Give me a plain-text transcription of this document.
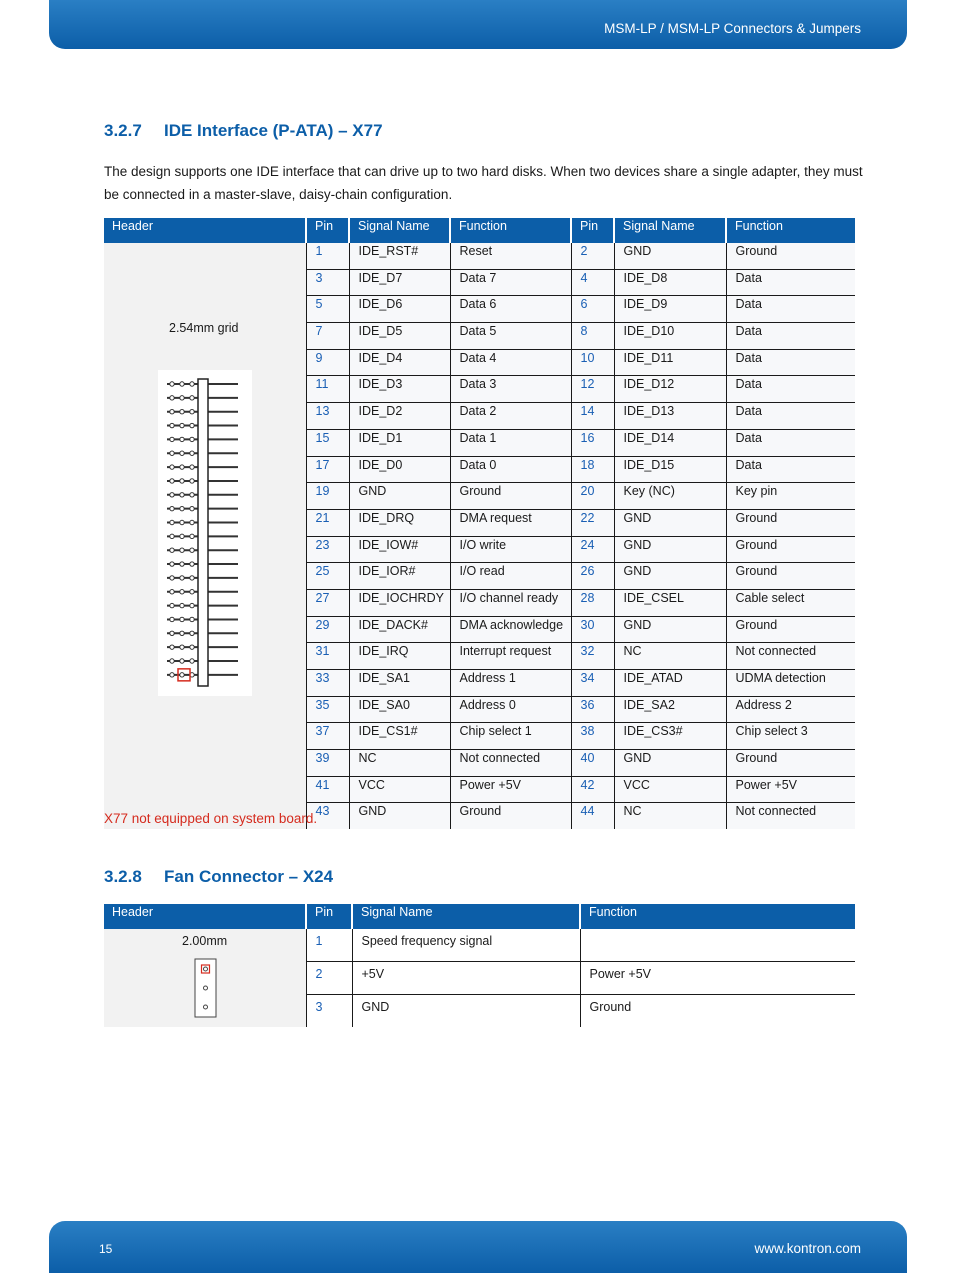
MSM-LP / MSM-LP Connectors & Jumpers
3.2.7 IDE Interface (P-ATA) – X77

The design supports one IDE interface that can drive up to two hard disks. When two devices share a single adapter, they must be connected in a master-slave, daisy-chain configuration.

Header	Pin	Signal Name	Function	Pin	Signal Name	Function

2.54mm grid	1	IDE_RST#	Reset	2	GND	Ground
	3	IDE_D7	Data 7	4	IDE_D8	Data
	5	IDE_D6	Data 6	6	IDE_D9	Data
	7	IDE_D5	Data 5	8	IDE_D10	Data
	9	IDE_D4	Data 4	10	IDE_D11	Data
	11	IDE_D3	Data 3	12	IDE_D12	Data
	13	IDE_D2	Data 2	14	IDE_D13	Data
	15	IDE_D1	Data 1	16	IDE_D14	Data
	17	IDE_D0	Data 0	18	IDE_D15	Data
	19	GND	Ground	20	Key (NC)	Key pin
	21	IDE_DRQ	DMA request	22	GND	Ground
	23	IDE_IOW#	I/O write	24	GND	Ground
	25	IDE_IOR#	I/O read	26	GND	Ground
	27	IDE_IOCHRDY	I/O channel ready	28	IDE_CSEL	Cable select
	29	IDE_DACK#	DMA acknowledge	30	GND	Ground
	31	IDE_IRQ	Interrupt request	32	NC	Not connected
	33	IDE_SA1	Address 1	34	IDE_ATAD	UDMA detection
	35	IDE_SA0	Address 0	36	IDE_SA2	Address 2
	37	IDE_CS1#	Chip select 1	38	IDE_CS3#	Chip select 3
	39	NC	Not connected	40	GND	Ground
	41	VCC	Power +5V	42	VCC	Power +5V
	43	GND	Ground	44	NC	Not connected

X77 not equipped on system board.

3.2.8 Fan Connector – X24
Header	Pin	Signal Name	Function

2.00mm	1	Speed frequency signal	
	2	+5V	Power +5V
	3	GND	Ground
15	www.kontron.com
